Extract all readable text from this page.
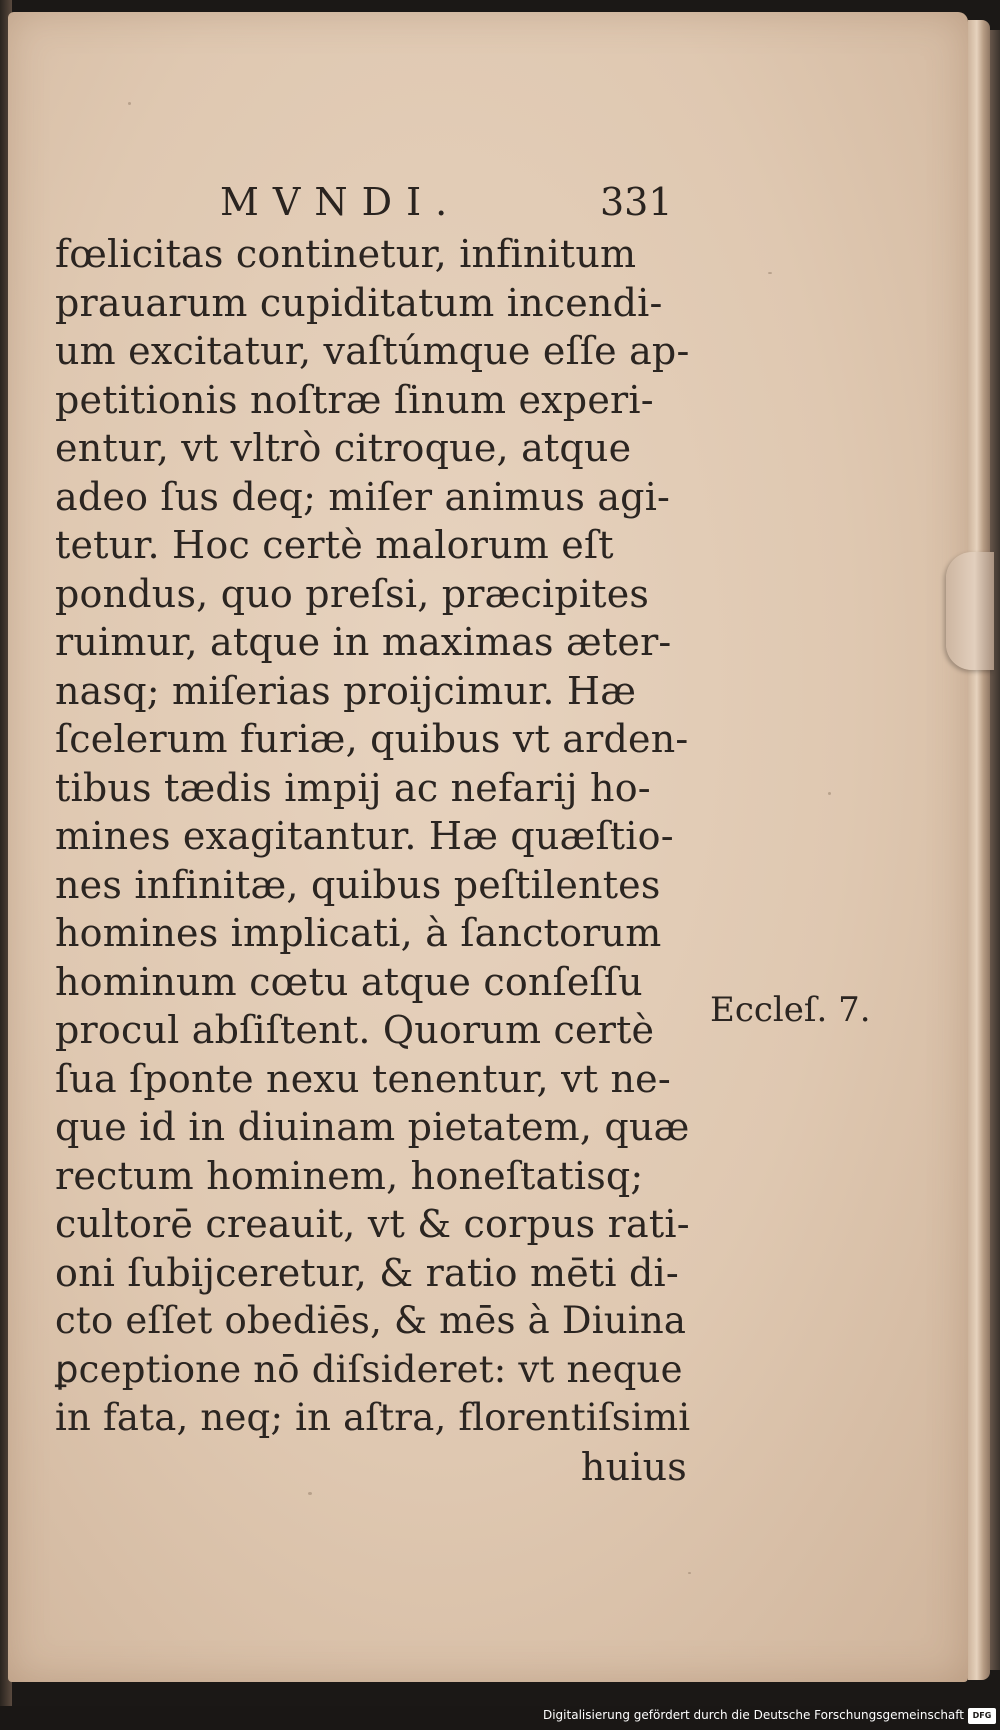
MVNDI.	331
fœlicitas continetur, infinitum
prauarum cupiditatum incendi-
um excitatur, vaſtúmque eſſe ap-
petitionis noſtræ ſinum experi-
entur, vt vltrò citroque, atque
adeo ſus deq; miſer animus agi-
tetur. Hoc certè malorum eſt
pondus, quo preſsi, præcipites
ruimur, atque in maximas æter-
nasq; miſerias proijcimur. Hæ
ſcelerum furiæ, quibus vt arden-
tibus tædis impij ac nefarij ho-
mines exagitantur. Hæ quæſtio-
nes infinitæ, quibus peſtilentes
homines implicati, à ſanctorum
hominum cœtu atque conſeſſu
procul abſiſtent. Quorum certè
ſua ſponte nexu tenentur, vt ne-
que id in diuinam pietatem, quæ
rectum hominem, honeſtatisq;
cultorē creauit, vt & corpus rati-
oni ſubijceretur, & ratio mēti di-
cto eſſet obediēs, & mēs à Diuina
ꝑceptione nō diſsideret: vt neque
in fata, neq; in aſtra, florentiſsimi
huius
Eccleſ. 7.
Digitalisierung gefördert durch die Deutsche Forschungsgemeinschaft	DFG
